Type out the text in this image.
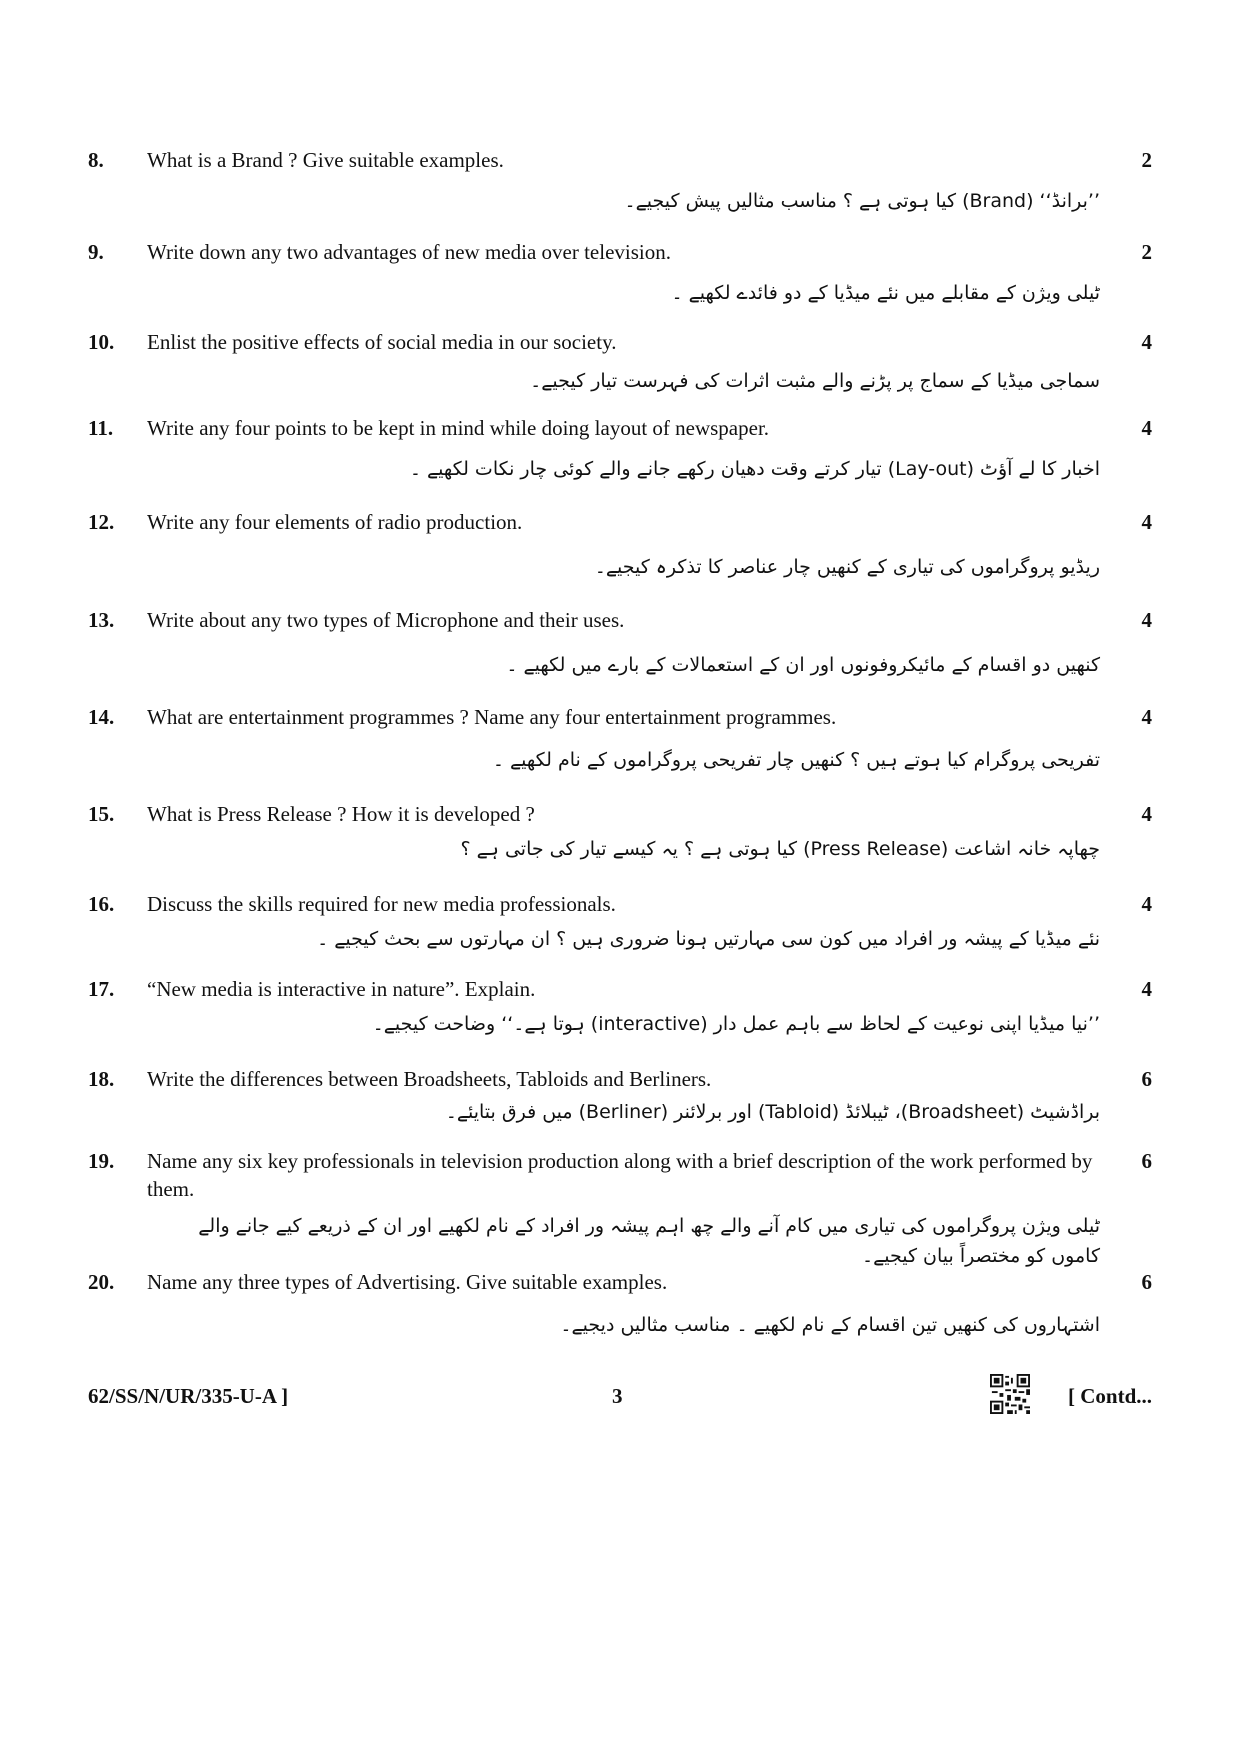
8. What is a Brand ? Give suitable examples.	2
’’برانڈ‘‘ (Brand) کیا ہوتی ہے ؟ مناسب مثالیں پیش کیجیے۔
9. Write down any two advantages of new media over television.	2
ٹیلی ویژن کے مقابلے میں نئے میڈیا کے دو فائدے لکھیے ۔
10. Enlist the positive effects of social media in our society.	4
سماجی میڈیا کے سماج پر پڑنے والے مثبت اثرات کی فہرست تیار کیجیے۔
11. Write any four points to be kept in mind while doing layout of newspaper.	4
اخبار کا لے آؤٹ (Lay-out) تیار کرتے وقت دھیان رکھے جانے والے کوئی چار نکات لکھیے ۔
12. Write any four elements of radio production.	4
ریڈیو پروگراموں کی تیاری کے کنھیں چار عناصر کا تذکرہ کیجیے۔
13. Write about any two types of Microphone and their uses.	4
کنھیں دو اقسام کے مائیکروفونوں اور ان کے استعمالات کے بارے میں لکھیے ۔
14. What are entertainment programmes ? Name any four entertainment programmes.	4
تفریحی پروگرام کیا ہوتے ہیں ؟ کنھیں چار تفریحی پروگراموں کے نام لکھیے ۔
15. What is Press Release ? How it is developed ?	4
چھاپہ خانہ اشاعت (Press Release) کیا ہوتی ہے ؟ یہ کیسے تیار کی جاتی ہے ؟
16. Discuss the skills required for new media professionals.	4
نئے میڈیا کے پیشہ ور افراد میں کون سی مہارتیں ہونا ضروری ہیں ؟ ان مہارتوں سے بحث کیجیے ۔
17. “New media is interactive in nature”. Explain.	4
’’نیا میڈیا اپنی نوعیت کے لحاظ سے باہم عمل دار (interactive) ہوتا ہے۔‘‘ وضاحت کیجیے۔
18. Write the differences between Broadsheets, Tabloids and Berliners.	6
براڈشیٹ (Broadsheet)، ٹیبلائڈ (Tabloid) اور برلائنر (Berliner) میں فرق بتایئے۔
19. Name any six key professionals in television production along with a brief description of the work performed by them.
6
ٹیلی ویژن پروگراموں کی تیاری میں کام آنے والے چھ اہم پیشہ ور افراد کے نام لکھیے اور ان کے ذریعے کیے جانے والے کاموں کو مختصراً بیان کیجیے۔
20. Name any three types of Advertising. Give suitable examples.	6
اشتہاروں کی کنھیں تین اقسام کے نام لکھیے ۔ مناسب مثالیں دیجیے۔
62/SS/N/UR/335-U-A ]	3	[ Contd...
